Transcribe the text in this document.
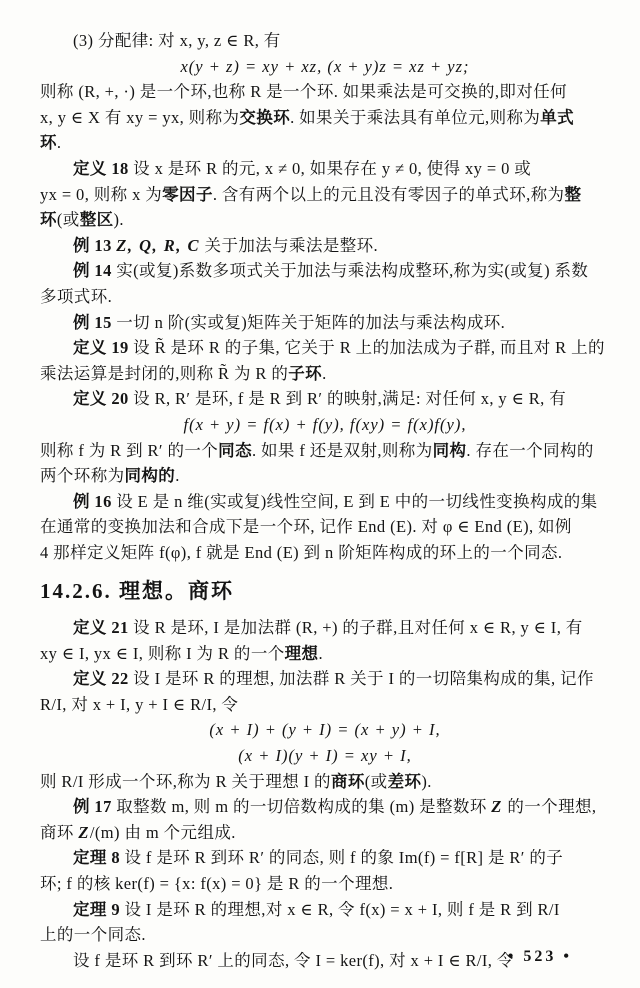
(3) 分配律: 对 x, y, z ∈ R, 有
x(y + z) = xy + xz, (x + y)z = xz + yz;
则称 (R, +, ·) 是一个环,也称 R 是一个环. 如果乘法是可交换的,即对任何
x, y ∈ X 有 xy = yx, 则称为交换环. 如果关于乘法具有单位元,则称为单式
环.
定义 18 设 x 是环 R 的元, x ≠ 0, 如果存在 y ≠ 0, 使得 xy = 0 或
yx = 0, 则称 x 为零因子. 含有两个以上的元且没有零因子的单式环,称为整
环(或整区).
例 13 Z, Q, R, C 关于加法与乘法是整环.
例 14 实(或复)系数多项式关于加法与乘法构成整环,称为实(或复) 系数
多项式环.
例 15 一切 n 阶(实或复)矩阵关于矩阵的加法与乘法构成环.
定义 19 设 R̃ 是环 R 的子集, 它关于 R 上的加法成为子群, 而且对 R 上的
乘法运算是封闭的,则称 R̃ 为 R 的子环.
定义 20 设 R, R′ 是环, f 是 R 到 R′ 的映射,满足: 对任何 x, y ∈ R, 有
f(x + y) = f(x) + f(y), f(xy) = f(x)f(y),
则称 f 为 R 到 R′ 的一个同态. 如果 f 还是双射,则称为同构. 存在一个同构的
两个环称为同构的.
例 16 设 E 是 n 维(实或复)线性空间, E 到 E 中的一切线性变换构成的集
在通常的变换加法和合成下是一个环, 记作 End (E). 对 φ ∈ End (E), 如例
4 那样定义矩阵 f(φ), f 就是 End (E) 到 n 阶矩阵构成的环上的一个同态.
14.2.6. 理想。商环
定义 21 设 R 是环, I 是加法群 (R, +) 的子群,且对任何 x ∈ R, y ∈ I, 有
xy ∈ I, yx ∈ I, 则称 I 为 R 的一个理想.
定义 22 设 I 是环 R 的理想, 加法群 R 关于 I 的一切陪集构成的集, 记作
R/I, 对 x + I, y + I ∈ R/I, 令
(x + I) + (y + I) = (x + y) + I,
(x + I)(y + I) = xy + I,
则 R/I 形成一个环,称为 R 关于理想 I 的商环(或差环).
例 17 取整数 m, 则 m 的一切倍数构成的集 (m) 是整数环 Z 的一个理想,
商环 Z/(m) 由 m 个元组成.
定理 8 设 f 是环 R 到环 R′ 的同态, 则 f 的象 Im(f) = f[R] 是 R′ 的子
环; f 的核 ker(f) = {x: f(x) = 0} 是 R 的一个理想.
定理 9 设 I 是环 R 的理想,对 x ∈ R, 令 f(x) = x + I, 则 f 是 R 到 R/I
上的一个同态.
设 f 是环 R 到环 R′ 上的同态, 令 I = ker(f), 对 x + I ∈ R/I, 令
• 523 •
